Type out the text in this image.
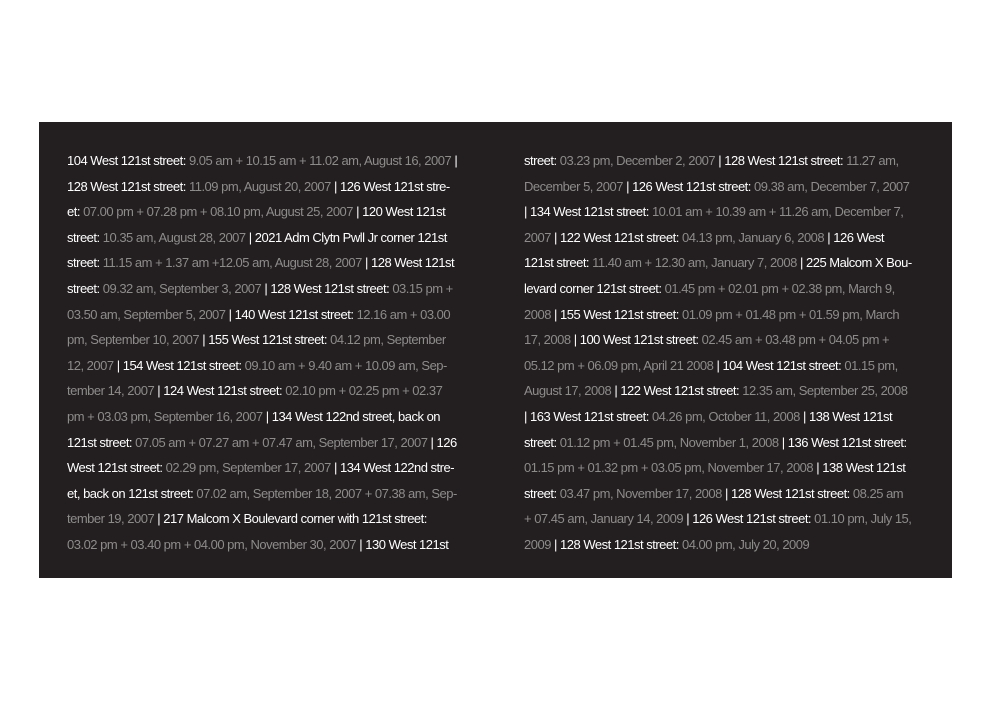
104 West 121st street: 9.05 am + 10.15 am + 11.02 am, August 16, 2007 |
128 West 121st street: 11.09 pm, August 20, 2007 | 126 West 121st stre-
et: 07.00 pm + 07.28 pm + 08.10 pm, August 25, 2007 | 120 West 121st
street: 10.35 am, August 28, 2007 | 2021 Adm Clytn Pwll Jr corner 121st
street: 11.15 am + 1.37 am +12.05 am, August 28, 2007 | 128 West 121st
street: 09.32 am, September 3, 2007 | 128 West 121st street: 03.15 pm +
03.50 am, September 5, 2007 | 140 West 121st street: 12.16 am + 03.00
pm, September 10, 2007 | 155 West 121st street: 04.12 pm, September
12, 2007 | 154 West 121st street: 09.10 am + 9.40 am + 10.09 am, Sep-
tember 14, 2007 | 124 West 121st street: 02.10 pm + 02.25 pm + 02.37
pm + 03.03 pm, September 16, 2007 | 134 West 122nd street, back on
121st street: 07.05 am + 07.27 am + 07.47 am, September 17, 2007 | 126
West 121st street: 02.29 pm, September 17, 2007 | 134 West 122nd stre-
et, back on 121st street: 07.02 am, September 18, 2007 + 07.38 am, Sep-
tember 19, 2007 | 217 Malcom X Boulevard corner with 121st street:
03.02 pm + 03.40 pm + 04.00 pm, November 30, 2007 | 130 West 121st
street: 03.23 pm, December 2, 2007 | 128 West 121st street: 11.27 am,
December 5, 2007 | 126 West 121st street: 09.38 am, December 7, 2007
| 134 West 121st street: 10.01 am + 10.39 am + 11.26 am, December 7,
2007 | 122 West 121st street: 04.13 pm, January 6, 2008 | 126 West
121st street: 11.40 am + 12.30 am, January 7, 2008 | 225 Malcom X Bou-
levard corner 121st street: 01.45 pm + 02.01 pm + 02.38 pm, March 9,
2008 | 155 West 121st street: 01.09 pm + 01.48 pm + 01.59 pm, March
17, 2008 | 100 West 121st street: 02.45 am + 03.48 pm + 04.05 pm +
05.12 pm + 06.09 pm, April 21 2008 | 104 West 121st street: 01.15 pm,
August 17, 2008 | 122 West 121st street: 12.35 am, September 25, 2008
| 163 West 121st street: 04.26 pm, October 11, 2008 | 138 West 121st
street: 01.12 pm + 01.45 pm, November 1, 2008 | 136 West 121st street:
01.15 pm + 01.32 pm + 03.05 pm, November 17, 2008 | 138 West 121st
street: 03.47 pm, November 17, 2008 | 128 West 121st street: 08.25 am
+ 07.45 am, January 14, 2009 | 126 West 121st street: 01.10 pm, July 15,
2009 | 128 West 121st street: 04.00 pm, July 20, 2009
